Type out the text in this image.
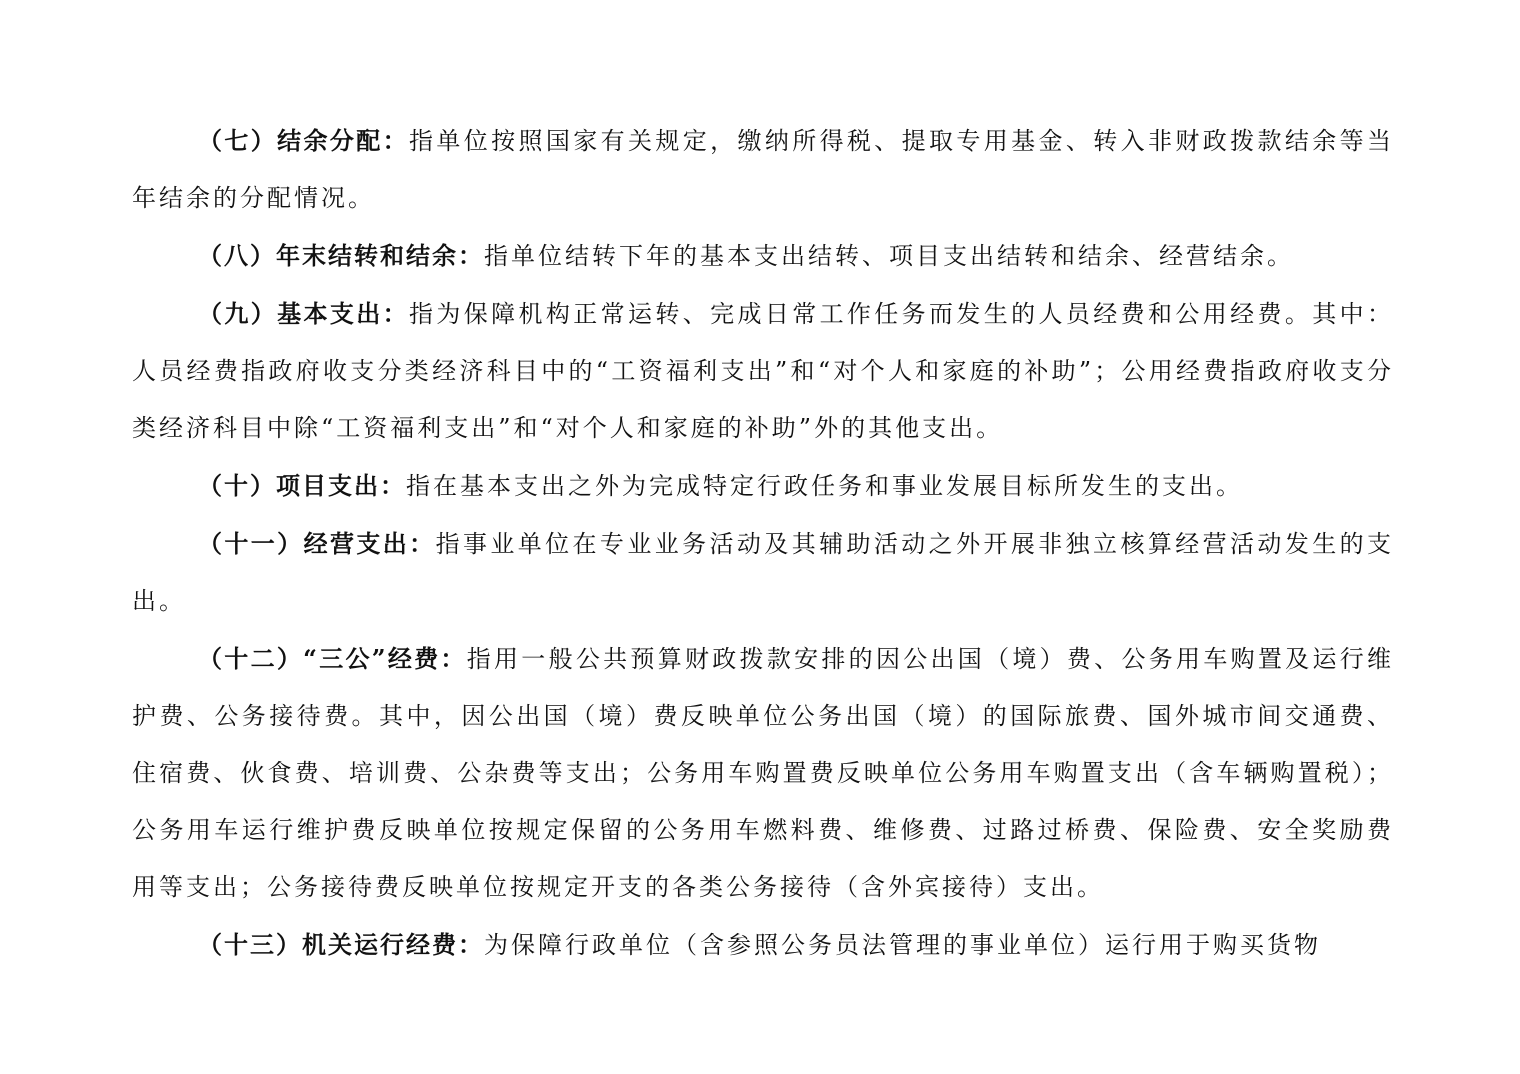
（七）结余分配：指单位按照国家有关规定，缴纳所得税、提取专用基金、转入非财政拨款结余等当年结余的分配情况。

（八）年末结转和结余：指单位结转下年的基本支出结转、项目支出结转和结余、经营结余。

（九）基本支出：指为保障机构正常运转、完成日常工作任务而发生的人员经费和公用经费。其中：人员经费指政府收支分类经济科目中的“工资福利支出”和“对个人和家庭的补助”；公用经费指政府收支分类经济科目中除“工资福利支出”和“对个人和家庭的补助”外的其他支出。

（十）项目支出：指在基本支出之外为完成特定行政任务和事业发展目标所发生的支出。

（十一）经营支出：指事业单位在专业业务活动及其辅助活动之外开展非独立核算经营活动发生的支出。

（十二）“三公”经费：指用一般公共预算财政拨款安排的因公出国（境）费、公务用车购置及运行维护费、公务接待费。其中，因公出国（境）费反映单位公务出国（境）的国际旅费、国外城市间交通费、住宿费、伙食费、培训费、公杂费等支出；公务用车购置费反映单位公务用车购置支出（含车辆购置税）；公务用车运行维护费反映单位按规定保留的公务用车燃料费、维修费、过路过桥费、保险费、安全奖励费用等支出；公务接待费反映单位按规定开支的各类公务接待（含外宾接待）支出。

（十三）机关运行经费：为保障行政单位（含参照公务员法管理的事业单位）运行用于购买货物
